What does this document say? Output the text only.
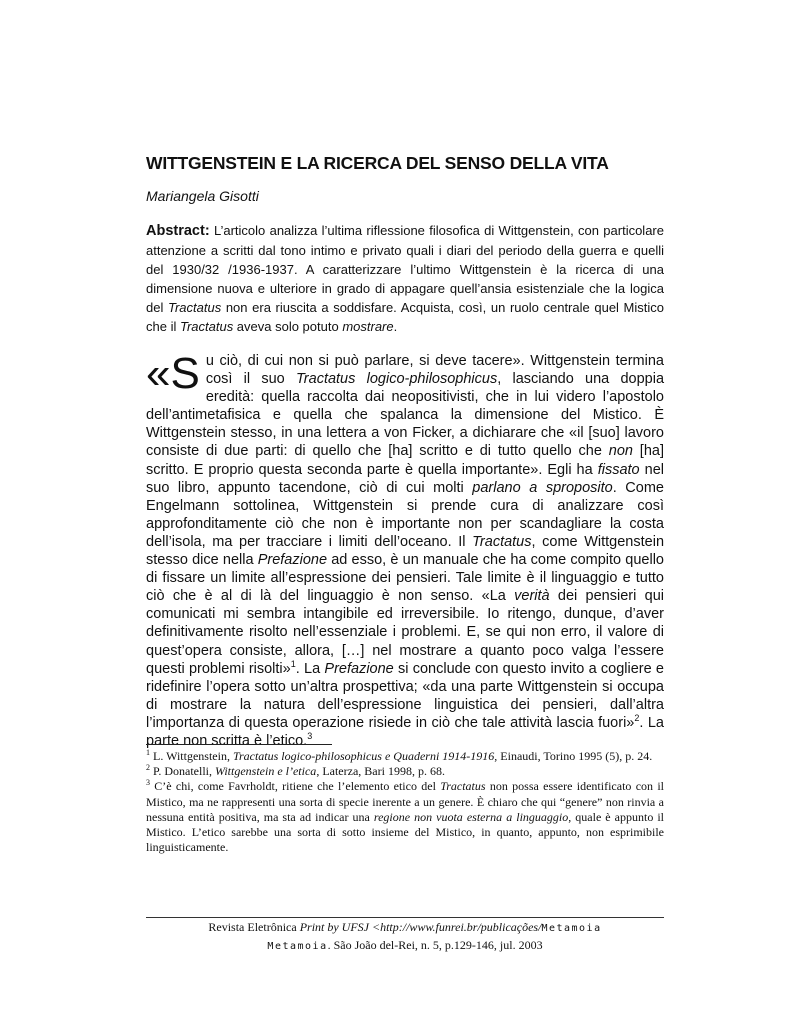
WITTGENSTEIN E LA RICERCA DEL SENSO DELLA VITA
Mariangela Gisotti

Abstract: L’articolo analizza l’ultima riflessione filosofica di Wittgenstein, con particolare attenzione a scritti dal tono intimo e privato quali i diari del periodo della guerra e quelli del 1930/32 /1936-1937. A caratterizzare l’ultimo Wittgenstein è la ricerca di una dimensione nuova e ulteriore in grado di appagare quell’ansia esistenziale che la logica del Tractatus non era riuscita a soddisfare. Acquista, così, un ruolo centrale quel Mistico che il Tractatus aveva solo potuto mostrare.

«Su ciò, di cui non si può parlare, si deve tacere». Wittgenstein termina così il suo Tractatus logico-philosophicus, lasciando una doppia eredità: quella raccolta dai neopositivisti, che in lui videro l’apostolo dell’antimetafisica e quella che spalanca la dimensione del Mistico. È Wittgenstein stesso, in una lettera a von Ficker, a dichiarare che «il [suo] lavoro consiste di due parti: di quello che [ha] scritto e di tutto quello che non [ha] scritto. E proprio questa seconda parte è quella importante». Egli ha fissato nel suo libro, appunto tacendone, ciò di cui molti parlano a sproposito. Come Engelmann sottolinea, Wittgenstein si prende cura di analizzare così approfonditamente ciò che non è importante non per scandagliare la costa dell’isola, ma per tracciare i limiti dell’oceano. Il Tractatus, come Wittgenstein stesso dice nella Prefazione ad esso, è un manuale che ha come compito quello di fissare un limite all’espressione dei pensieri. Tale limite è il linguaggio e tutto ciò che è al di là del linguaggio è non senso. «La verità dei pensieri qui comunicati mi sembra intangibile ed irreversibile. Io ritengo, dunque, d’aver definitivamente risolto nell’essenziale i problemi. E, se qui non erro, il valore di quest’opera consiste, allora, […] nel mostrare a quanto poco valga l’essere questi problemi risolti»$^1$. La Prefazione si conclude con questo invito a cogliere e ridefinire l’opera sotto un’altra prospettiva; «da una parte Wittgenstein si occupa di mostrare la natura dell’espressione linguistica dei pensieri, dall’altra l’importanza di questa operazione risiede in ciò che tale attività lascia fuori»$^2$. La parte non scritta è l’etico.$^3$

$^1$ L. Wittgenstein, Tractatus logico-philosophicus e Quaderni 1914-1916, Einaudi, Torino 1995 (5), p. 24.

$^2$ P. Donatelli, Wittgenstein e l’etica, Laterza, Bari 1998, p. 68.

$^3$ C’è chi, come Favrholdt, ritiene che l’elemento etico del Tractatus non possa essere identificato con il Mistico, ma ne rappresenti una sorta di specie inerente a un genere. È chiaro che qui “genere” non rinvia a nessuna entità positiva, ma sta ad indicar una regione non vuota esterna a linguaggio, quale è appunto il Mistico. L’etico sarebbe una sorta di sotto insieme del Mistico, in quanto, appunto, non esprimibile linguisticamente.

Revista Eletrônica Print by UFSJ <http://www.funrei.br/publicações/Metamoia
Metamoia. São João del-Rei, n. 5, p.129-146, jul. 2003
